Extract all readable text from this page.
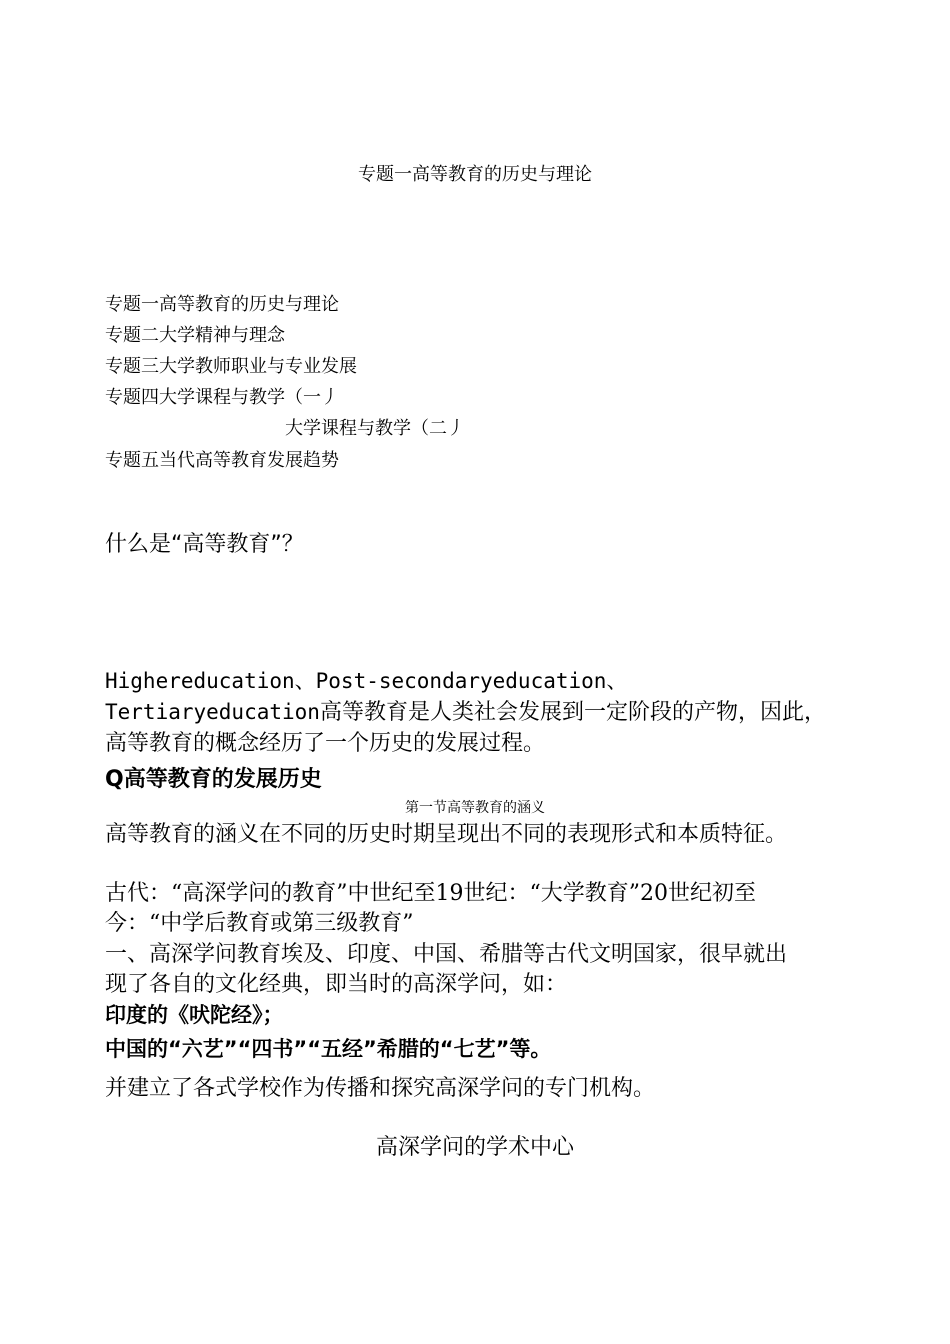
专题一高等教育的历史与理论
专题一高等教育的历史与理论
专题二大学精神与理念
专题三大学教师职业与专业发展
专题四大学课程与教学（一丿
大学课程与教学（二丿
专题五当代高等教育发展趋势
什么是“高等教育”？
Highereducation、Post-secondaryeducation、
Tertiaryeducation高等教育是人类社会发展到一定阶段的产物，因此，
高等教育的概念经历了一个历史的发展过程。
Q高等教育的发展历史
第一节高等教育的涵义
高等教育的涵义在不同的历史时期呈现出不同的表现形式和本质特征。
古代：“高深学问的教育”中世纪至19世纪：“大学教育”20世纪初至
今：“中学后教育或第三级教育”
一、高深学问教育埃及、印度、中国、希腊等古代文明国家，很早就出
现了各自的文化经典，即当时的高深学问，如：
印度的《吠陀经》；
中国的“六艺”“四书”“五经”希腊的“七艺”等。
并建立了各式学校作为传播和探究高深学问的专门机构。
高深学问的学术中心
